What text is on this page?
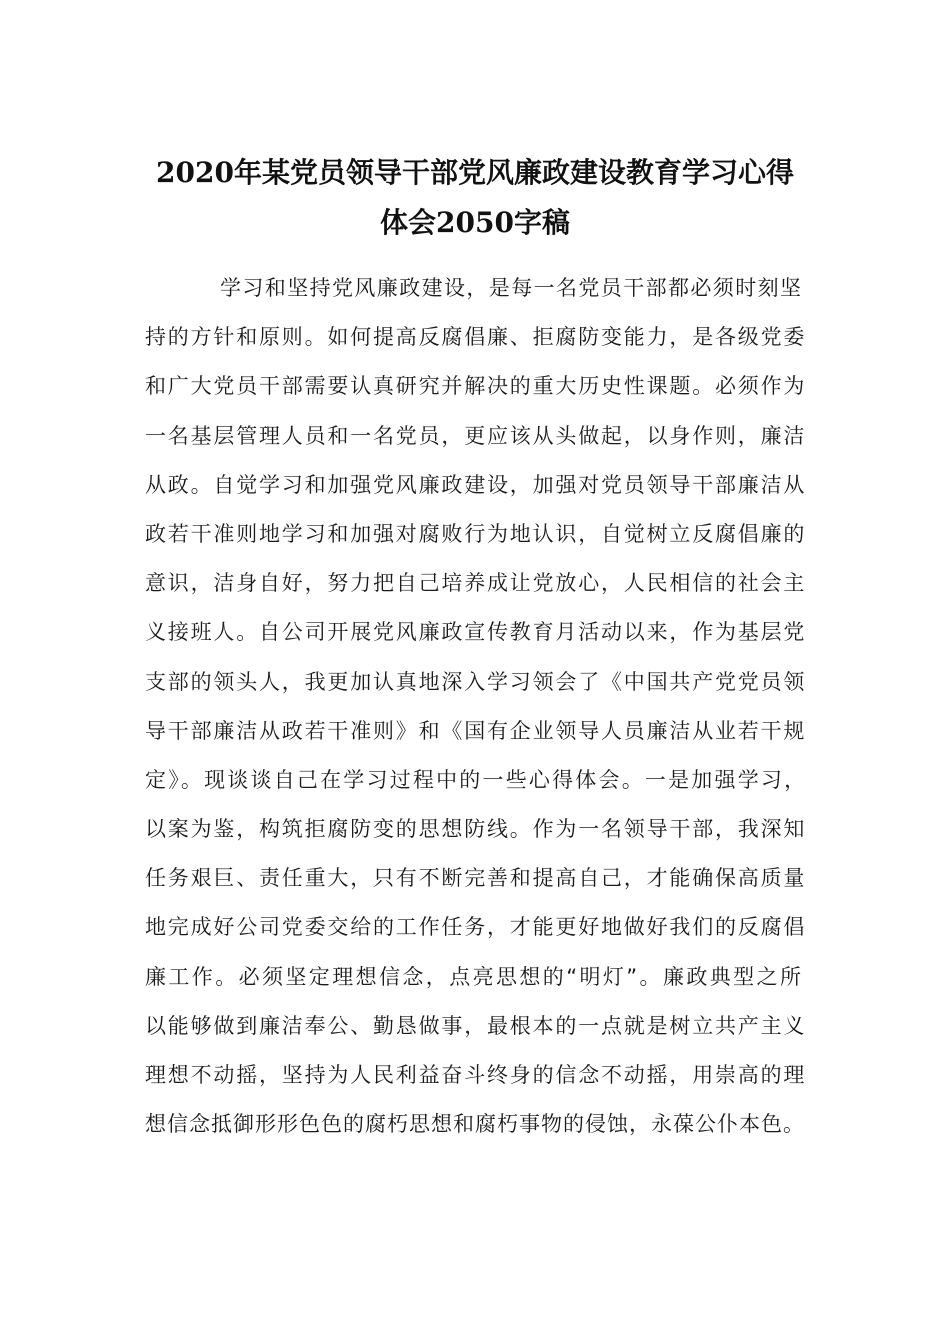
2020年某党员领导干部党风廉政建设教育学习心得
体会2050字稿
学习和坚持党风廉政建设，是每一名党员干部都必须时刻坚
持的方针和原则。如何提高反腐倡廉、拒腐防变能力，是各级党委
和广大党员干部需要认真研究并解决的重大历史性课题。必须作为
一名基层管理人员和一名党员，更应该从头做起，以身作则，廉洁
从政。自觉学习和加强党风廉政建设，加强对党员领导干部廉洁从
政若干准则地学习和加强对腐败行为地认识，自觉树立反腐倡廉的
意识，洁身自好，努力把自己培养成让党放心，人民相信的社会主
义接班人。自公司开展党风廉政宣传教育月活动以来，作为基层党
支部的领头人，我更加认真地深入学习领会了《中国共产党党员领
导干部廉洁从政若干准则》和《国有企业领导人员廉洁从业若干规
定》。现谈谈自己在学习过程中的一些心得体会。一是加强学习，
以案为鉴，构筑拒腐防变的思想防线。作为一名领导干部，我深知
任务艰巨、责任重大，只有不断完善和提高自己，才能确保高质量
地完成好公司党委交给的工作任务，才能更好地做好我们的反腐倡
廉工作。必须坚定理想信念，点亮思想的“明灯”。廉政典型之所
以能够做到廉洁奉公、勤恳做事，最根本的一点就是树立共产主义
理想不动摇，坚持为人民利益奋斗终身的信念不动摇，用崇高的理
想信念抵御形形色色的腐朽思想和腐朽事物的侵蚀，永葆公仆本色。
